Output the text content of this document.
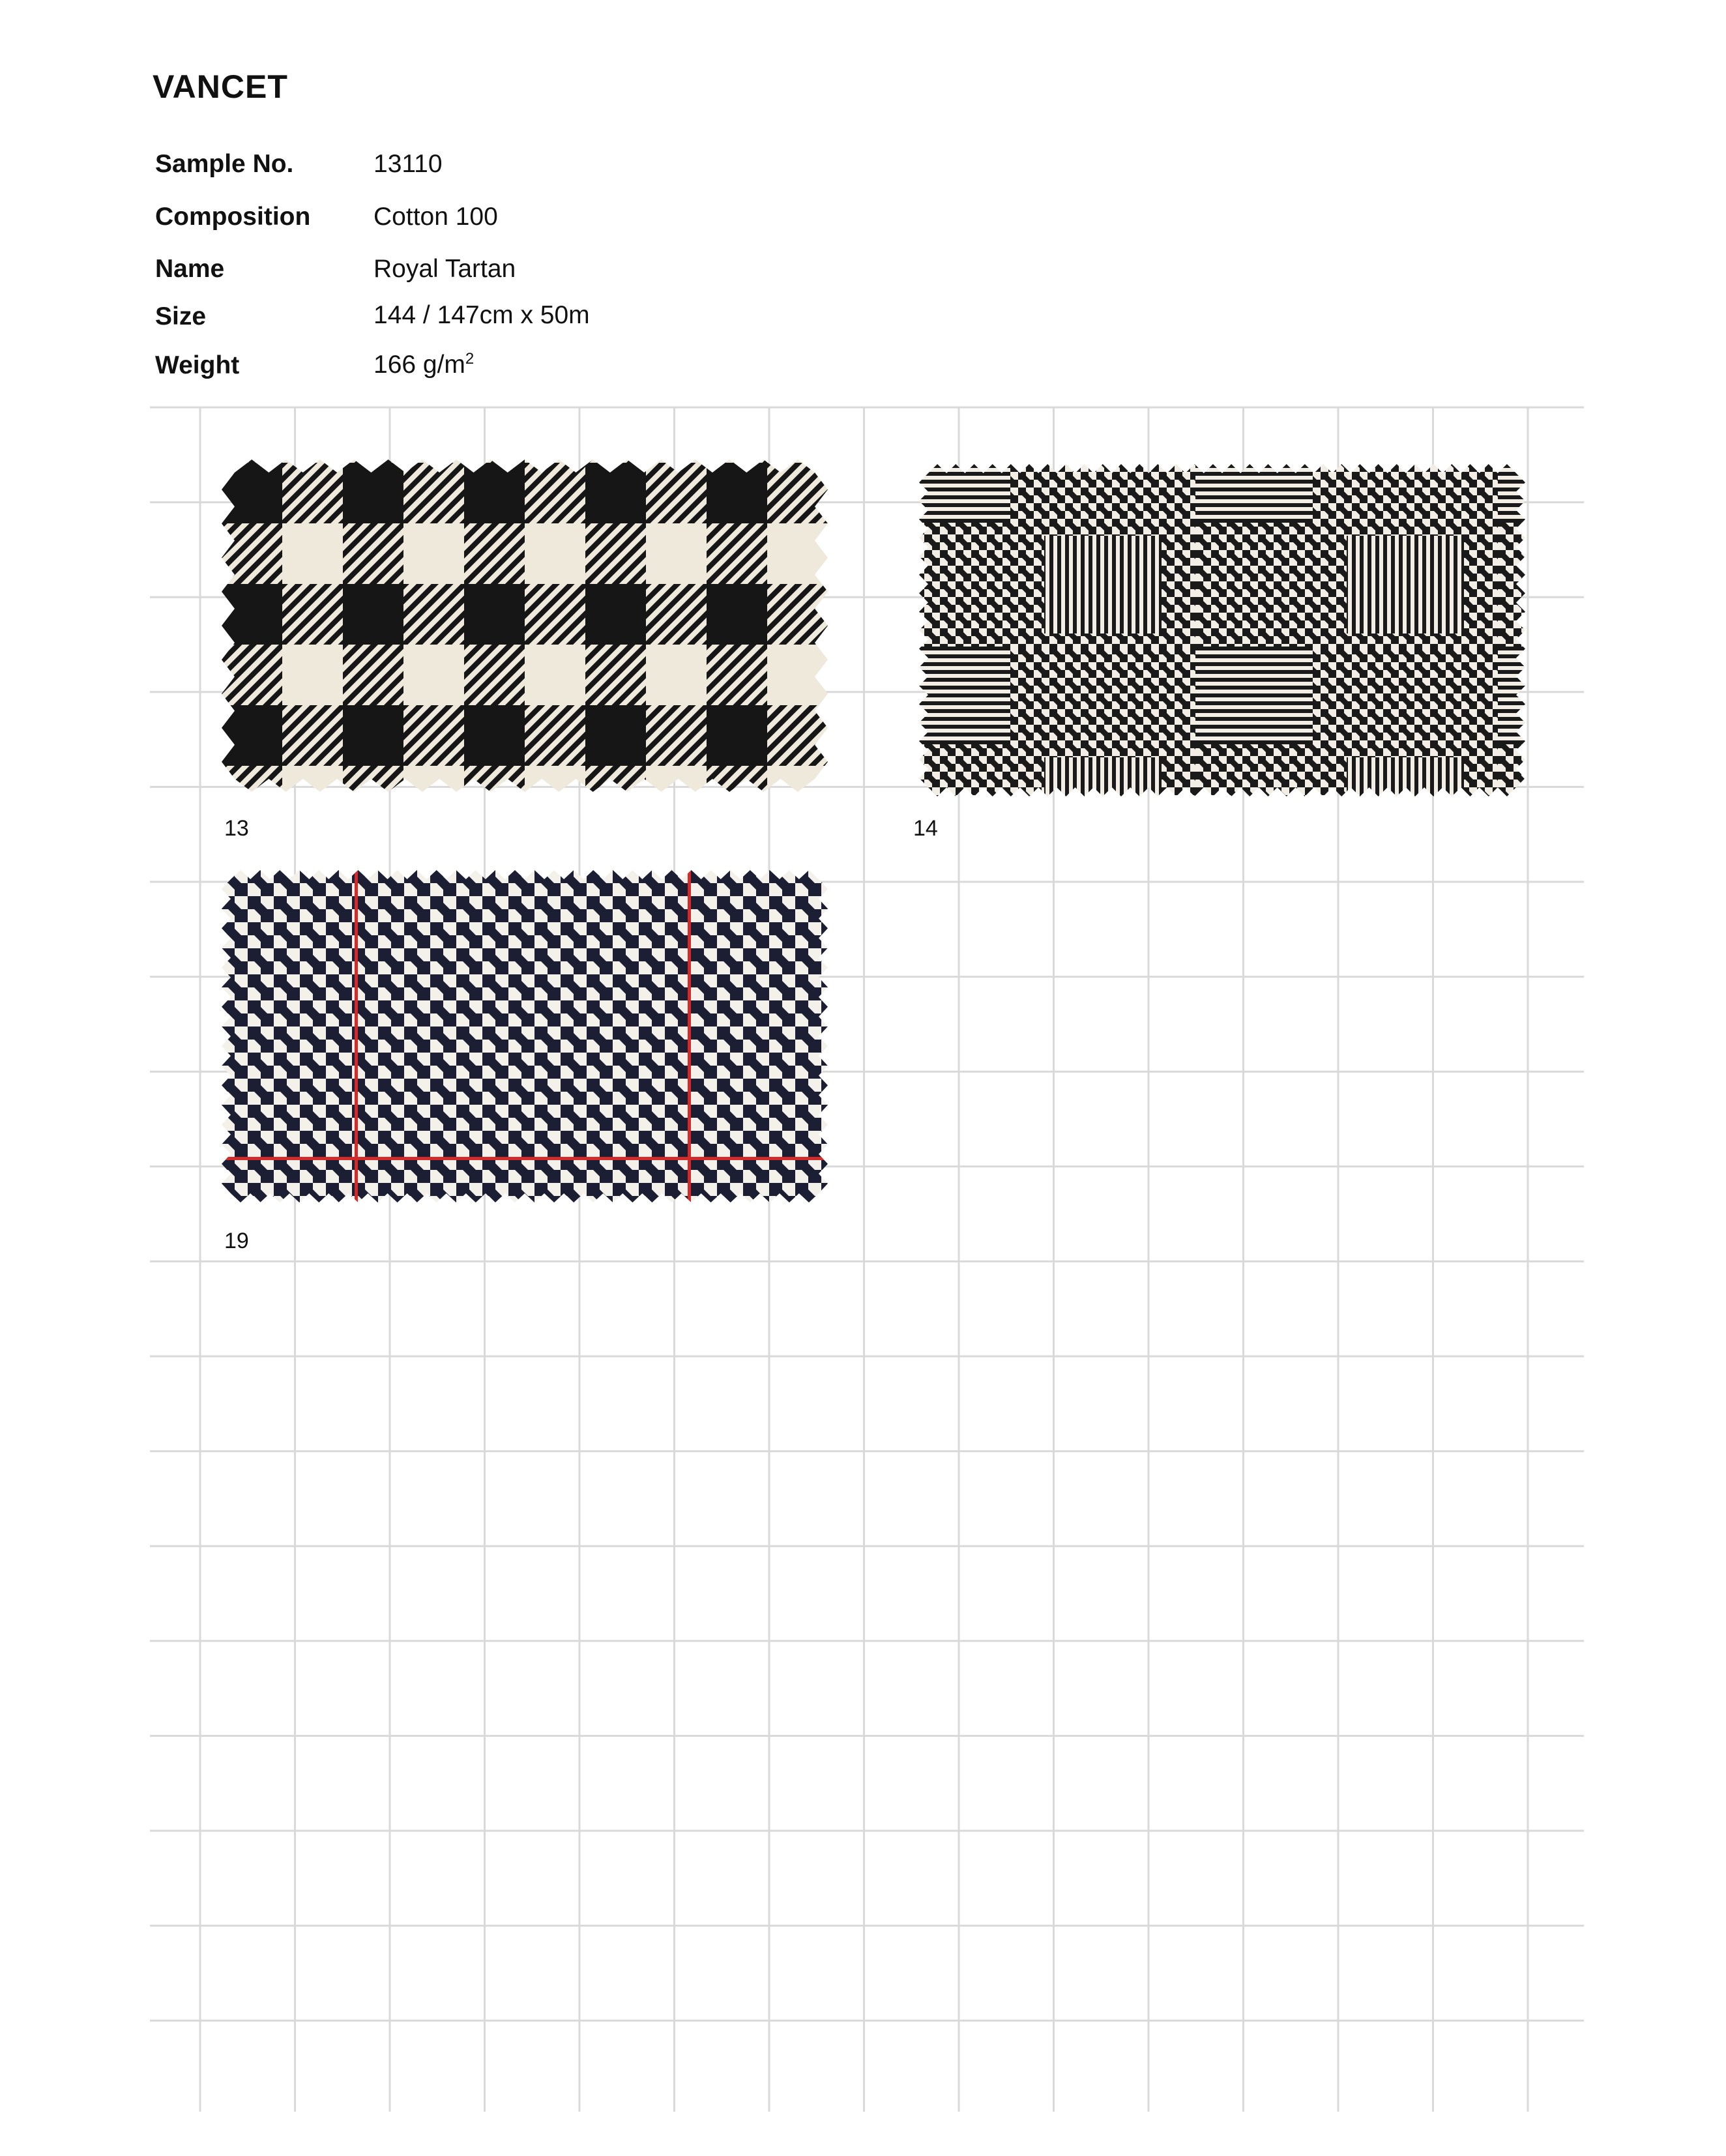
VANCET
Sample No.	13110
Composition Cotton 100
Name	Royal Tartan
Size	144 / 147cm x 50m
Weight	166 $g/m^2$
13	14
19
